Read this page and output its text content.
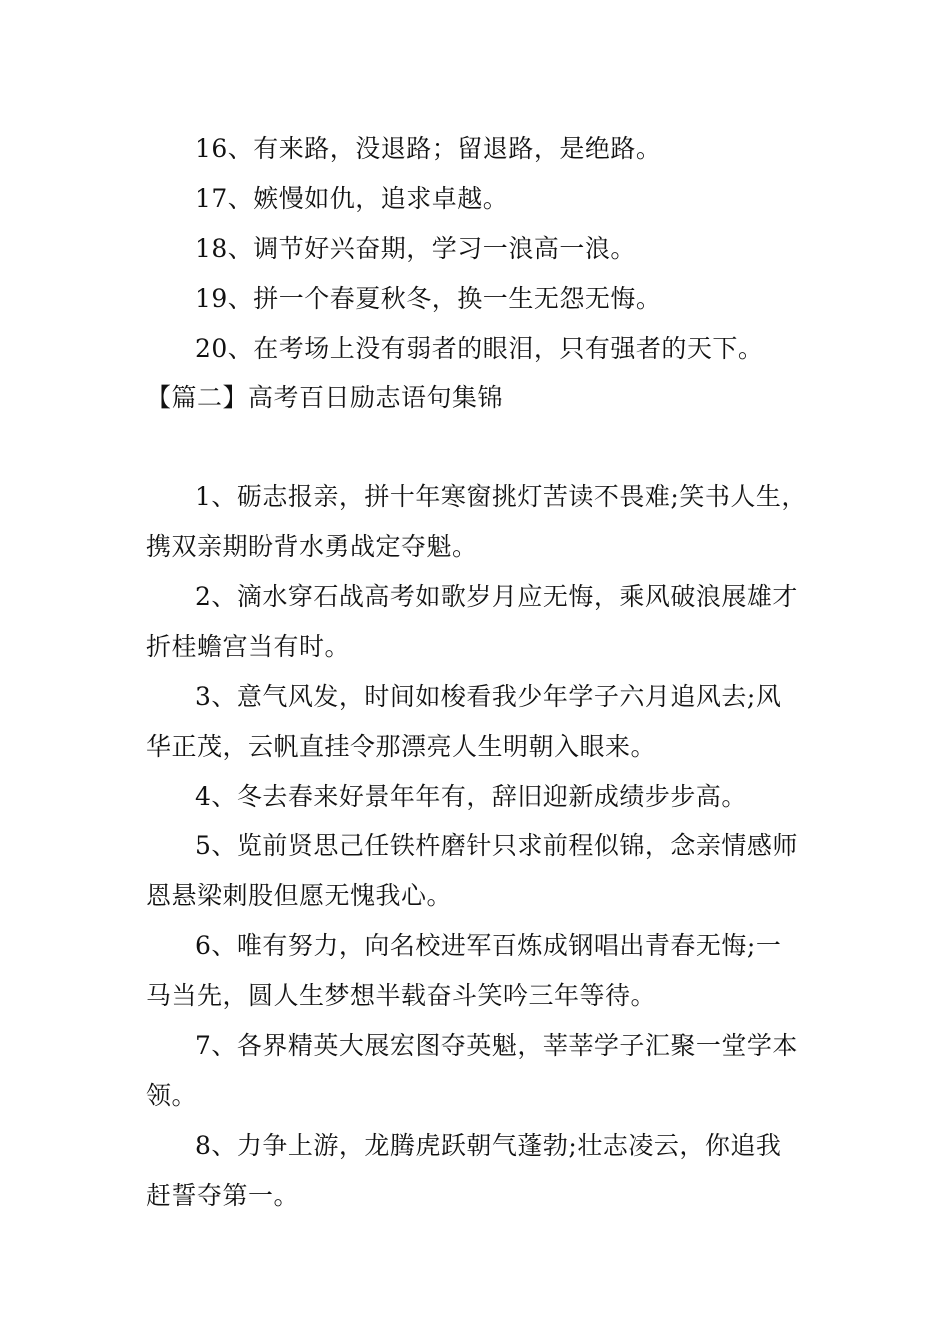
16、有来路，没退路；留退路，是绝路。
17、嫉慢如仇，追求卓越。
18、调节好兴奋期，学习一浪高一浪。
19、拼一个春夏秋冬，换一生无怨无悔。
20、在考场上没有弱者的眼泪，只有强者的天下。
【篇二】高考百日励志语句集锦
1、砺志报亲，拼十年寒窗挑灯苦读不畏难;笑书人生，
携双亲期盼背水勇战定夺魁。
2、滴水穿石战高考如歌岁月应无悔，乘风破浪展雄才
折桂蟾宫当有时。
3、意气风发，时间如梭看我少年学子六月追风去;风
华正茂，云帆直挂令那漂亮人生明朝入眼来。
4、冬去春来好景年年有，辞旧迎新成绩步步高。
5、览前贤思己任铁杵磨针只求前程似锦，念亲情感师
恩悬梁刺股但愿无愧我心。
6、唯有努力，向名校进军百炼成钢唱出青春无悔;一
马当先，圆人生梦想半载奋斗笑吟三年等待。
7、各界精英大展宏图夺英魁，莘莘学子汇聚一堂学本
领。
8、力争上游，龙腾虎跃朝气蓬勃;壮志凌云，你追我
赶誓夺第一。
